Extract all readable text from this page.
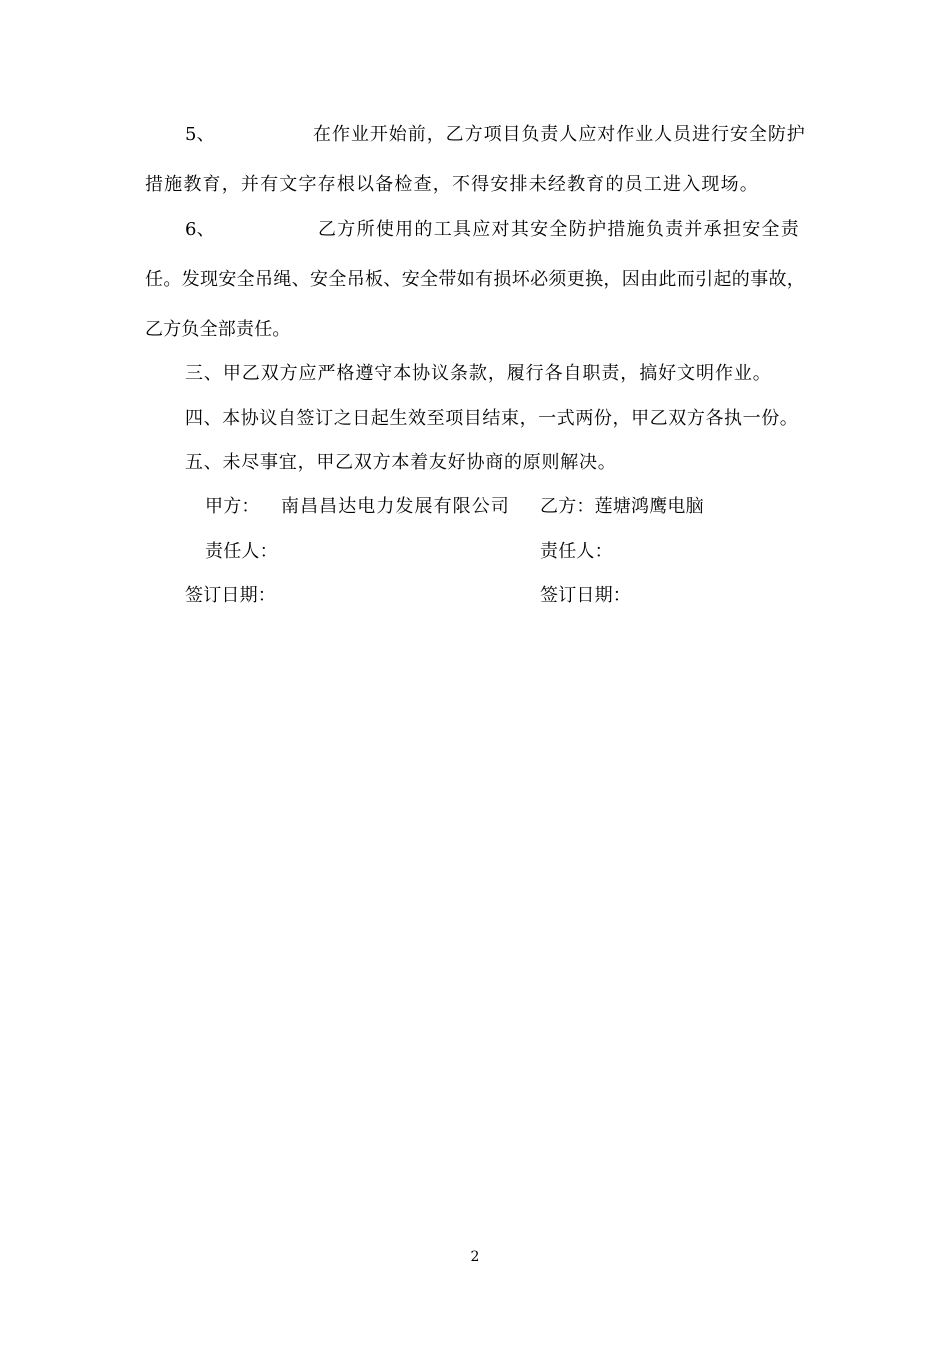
5、	在作业开始前，乙方项目负责人应对作业人员进行安全防护
措施教育，并有文字存根以备检查，不得安排未经教育的员工进入现场。
6、	乙方所使用的工具应对其安全防护措施负责并承担安全责
任。发现安全吊绳、安全吊板、安全带如有损坏必须更换，因由此而引起的事故，
乙方负全部责任。
三、甲乙双方应严格遵守本协议条款，履行各自职责，搞好文明作业。
四、本协议自签订之日起生效至项目结束，一式两份，甲乙双方各执一份。
五、未尽事宜，甲乙双方本着友好协商的原则解决。
甲方： 南昌昌达电力发展有限公司 乙方：莲塘鸿鹰电脑
责任人：	责任人：
签订日期：	签订日期：
2
